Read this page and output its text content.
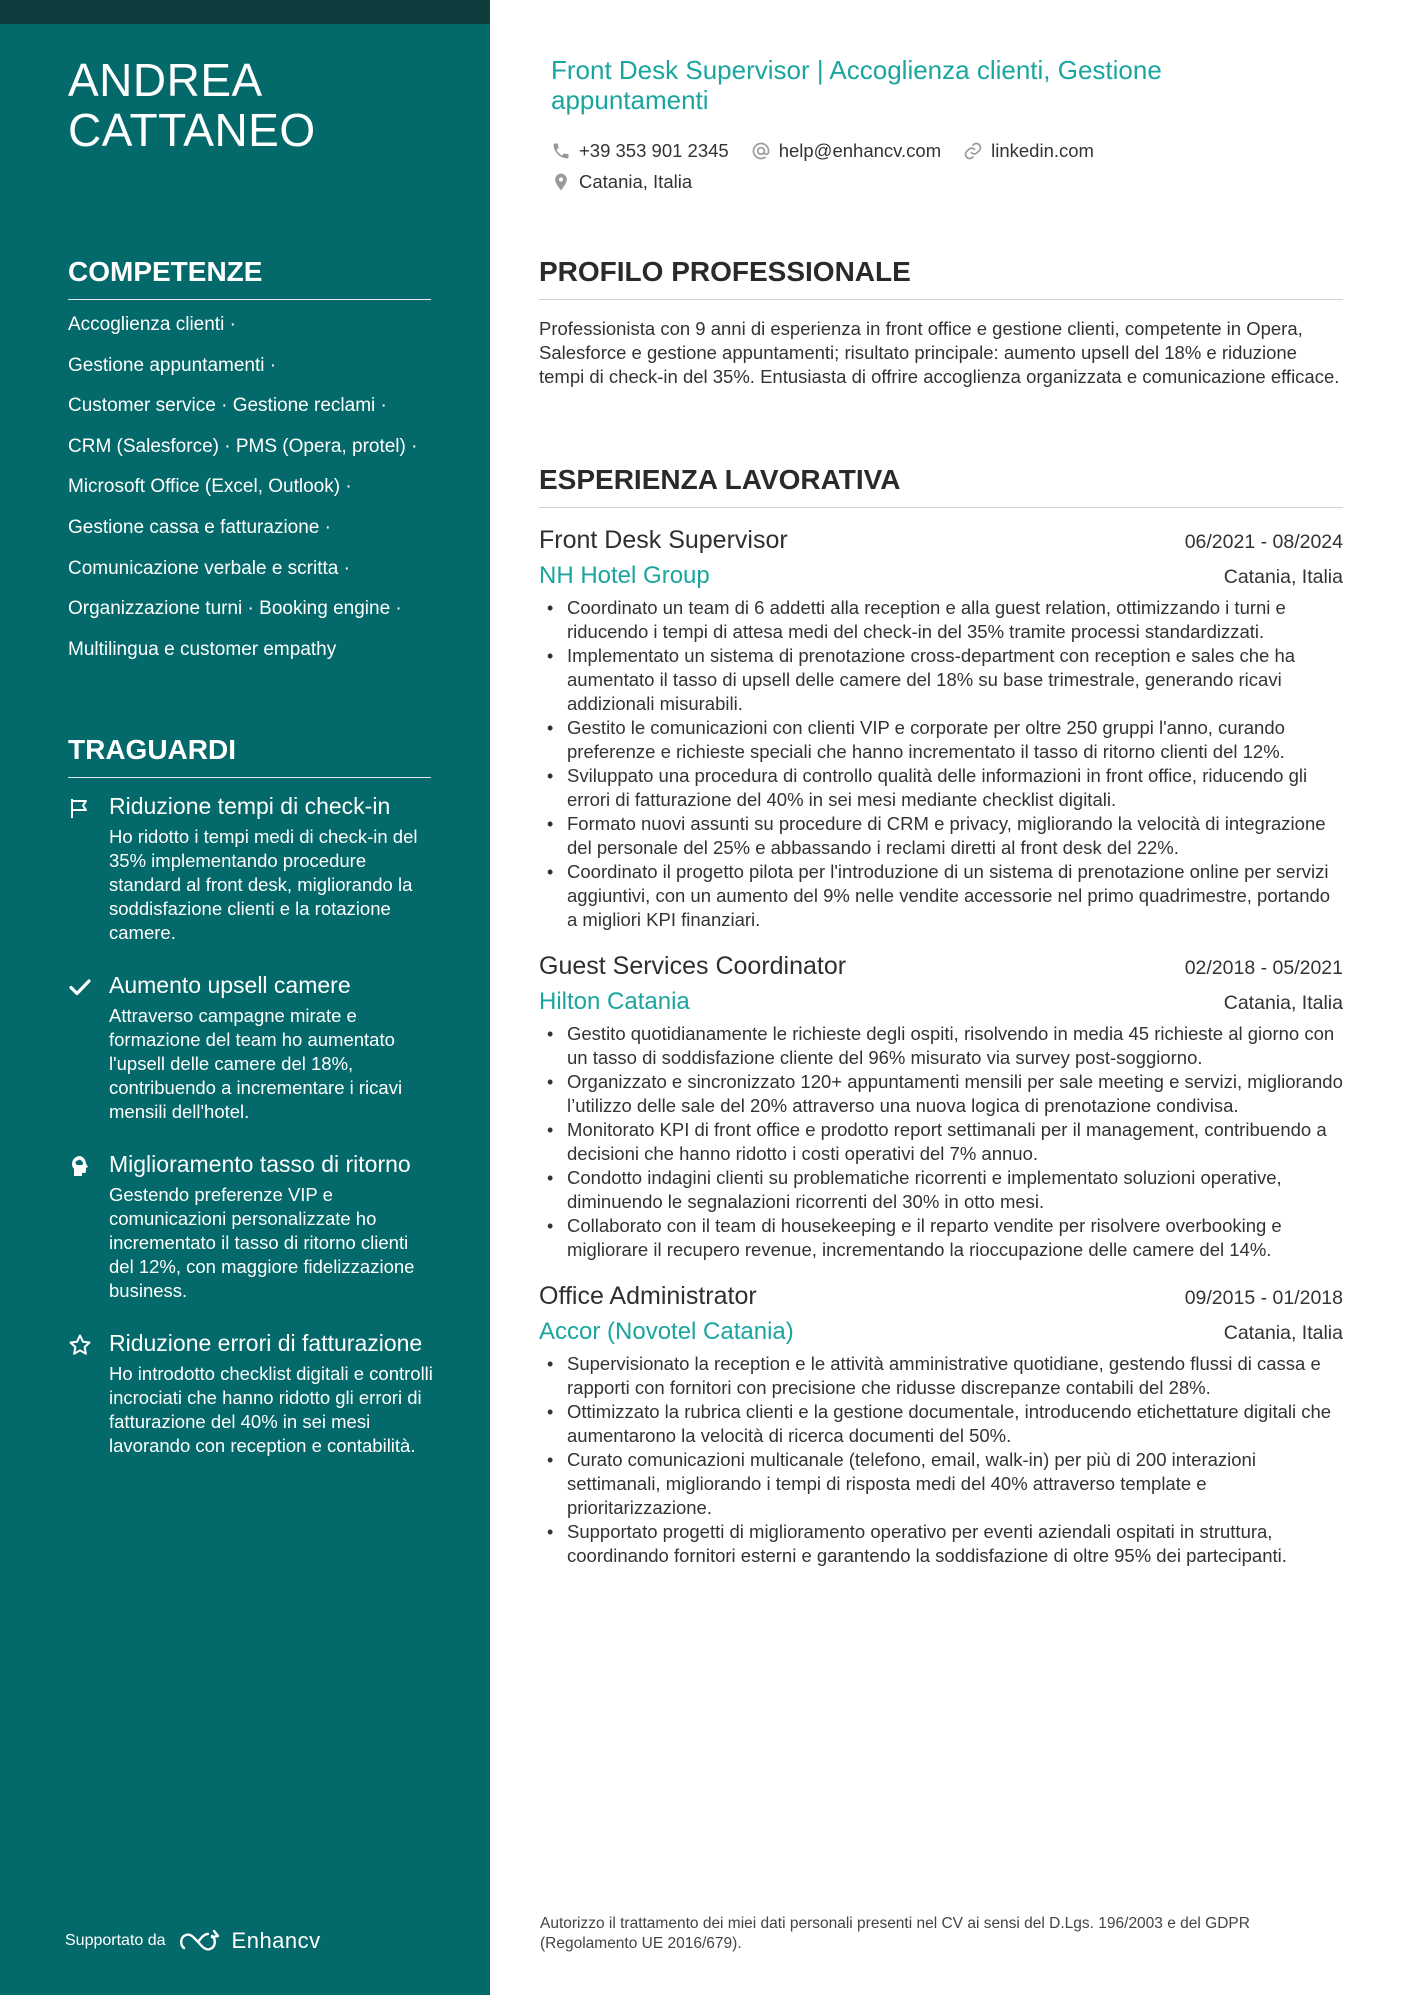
ANDREA
CATTANEO
COMPETENZE
Accoglienza clienti ·
Gestione appuntamenti ·
Customer service · Gestione reclami ·
CRM (Salesforce) · PMS (Opera, protel) ·
Microsoft Office (Excel, Outlook) ·
Gestione cassa e fatturazione ·
Comunicazione verbale e scritta ·
Organizzazione turni · Booking engine ·
Multilingua e customer empathy
TRAGUARDI
Riduzione tempi di check-in
Ho ridotto i tempi medi di check-in del 35% implementando procedure standard al front desk, migliorando la soddisfazione clienti e la rotazione camere.
Aumento upsell camere
Attraverso campagne mirate e formazione del team ho aumentato l'upsell delle camere del 18%, contribuendo a incrementare i ricavi mensili dell'hotel.
Miglioramento tasso di ritorno
Gestendo preferenze VIP e comunicazioni personalizzate ho incrementato il tasso di ritorno clienti del 12%, con maggiore fidelizzazione business.
Riduzione errori di fatturazione
Ho introdotto checklist digitali e controlli incrociati che hanno ridotto gli errori di fatturazione del 40% in sei mesi lavorando con reception e contabilità.
Supportato da	Enhancv
Front Desk Supervisor | Accoglienza clienti, Gestione appuntamenti
+39 353 901 2345	help@enhancv.com	linkedin.com
Catania, Italia
PROFILO PROFESSIONALE

Professionista con 9 anni di esperienza in front office e gestione clienti, competente in Opera, Salesforce e gestione appuntamenti; risultato principale: aumento upsell del 18% e riduzione tempi di check-in del 35%. Entusiasta di offrire accoglienza organizzata e comunicazione efficace.

ESPERIENZA LAVORATIVA
Front Desk Supervisor	06/2021 - 08/2024
NH Hotel Group	Catania, Italia
• Coordinato un team di 6 addetti alla reception e alla guest relation, ottimizzando i turni e riducendo i tempi di attesa medi del check-in del 35% tramite processi standardizzati.
• Implementato un sistema di prenotazione cross-department con reception e sales che ha aumentato il tasso di upsell delle camere del 18% su base trimestrale, generando ricavi addizionali misurabili.
• Gestito le comunicazioni con clienti VIP e corporate per oltre 250 gruppi l'anno, curando preferenze e richieste speciali che hanno incrementato il tasso di ritorno clienti del 12%.
• Sviluppato una procedura di controllo qualità delle informazioni in front office, riducendo gli errori di fatturazione del 40% in sei mesi mediante checklist digitali.
• Formato nuovi assunti su procedure di CRM e privacy, migliorando la velocità di integrazione del personale del 25% e abbassando i reclami diretti al front desk del 22%.
• Coordinato il progetto pilota per l'introduzione di un sistema di prenotazione online per servizi aggiuntivi, con un aumento del 9% nelle vendite accessorie nel primo quadrimestre, portando a migliori KPI finanziari.
Guest Services Coordinator	02/2018 - 05/2021
Hilton Catania	Catania, Italia
• Gestito quotidianamente le richieste degli ospiti, risolvendo in media 45 richieste al giorno con un tasso di soddisfazione cliente del 96% misurato via survey post-soggiorno.
• Organizzato e sincronizzato 120+ appuntamenti mensili per sale meeting e servizi, migliorando l’utilizzo delle sale del 20% attraverso una nuova logica di prenotazione condivisa.
• Monitorato KPI di front office e prodotto report settimanali per il management, contribuendo a decisioni che hanno ridotto i costi operativi del 7% annuo.
• Condotto indagini clienti su problematiche ricorrenti e implementato soluzioni operative, diminuendo le segnalazioni ricorrenti del 30% in otto mesi.
• Collaborato con il team di housekeeping e il reparto vendite per risolvere overbooking e migliorare il recupero revenue, incrementando la rioccupazione delle camere del 14%.
Office Administrator	09/2015 - 01/2018
Accor (Novotel Catania)	Catania, Italia
• Supervisionato la reception e le attività amministrative quotidiane, gestendo flussi di cassa e rapporti con fornitori con precisione che ridusse discrepanze contabili del 28%.
• Ottimizzato la rubrica clienti e la gestione documentale, introducendo etichettature digitali che aumentarono la velocità di ricerca documenti del 50%.
• Curato comunicazioni multicanale (telefono, email, walk-in) per più di 200 interazioni settimanali, migliorando i tempi di risposta medi del 40% attraverso template e prioritarizzazione.
• Supportato progetti di miglioramento operativo per eventi aziendali ospitati in struttura, coordinando fornitori esterni e garantendo la soddisfazione di oltre 95% dei partecipanti.

Autorizzo il trattamento dei miei dati personali presenti nel CV ai sensi del D.Lgs. 196/2003 e del GDPR (Regolamento UE 2016/679).
